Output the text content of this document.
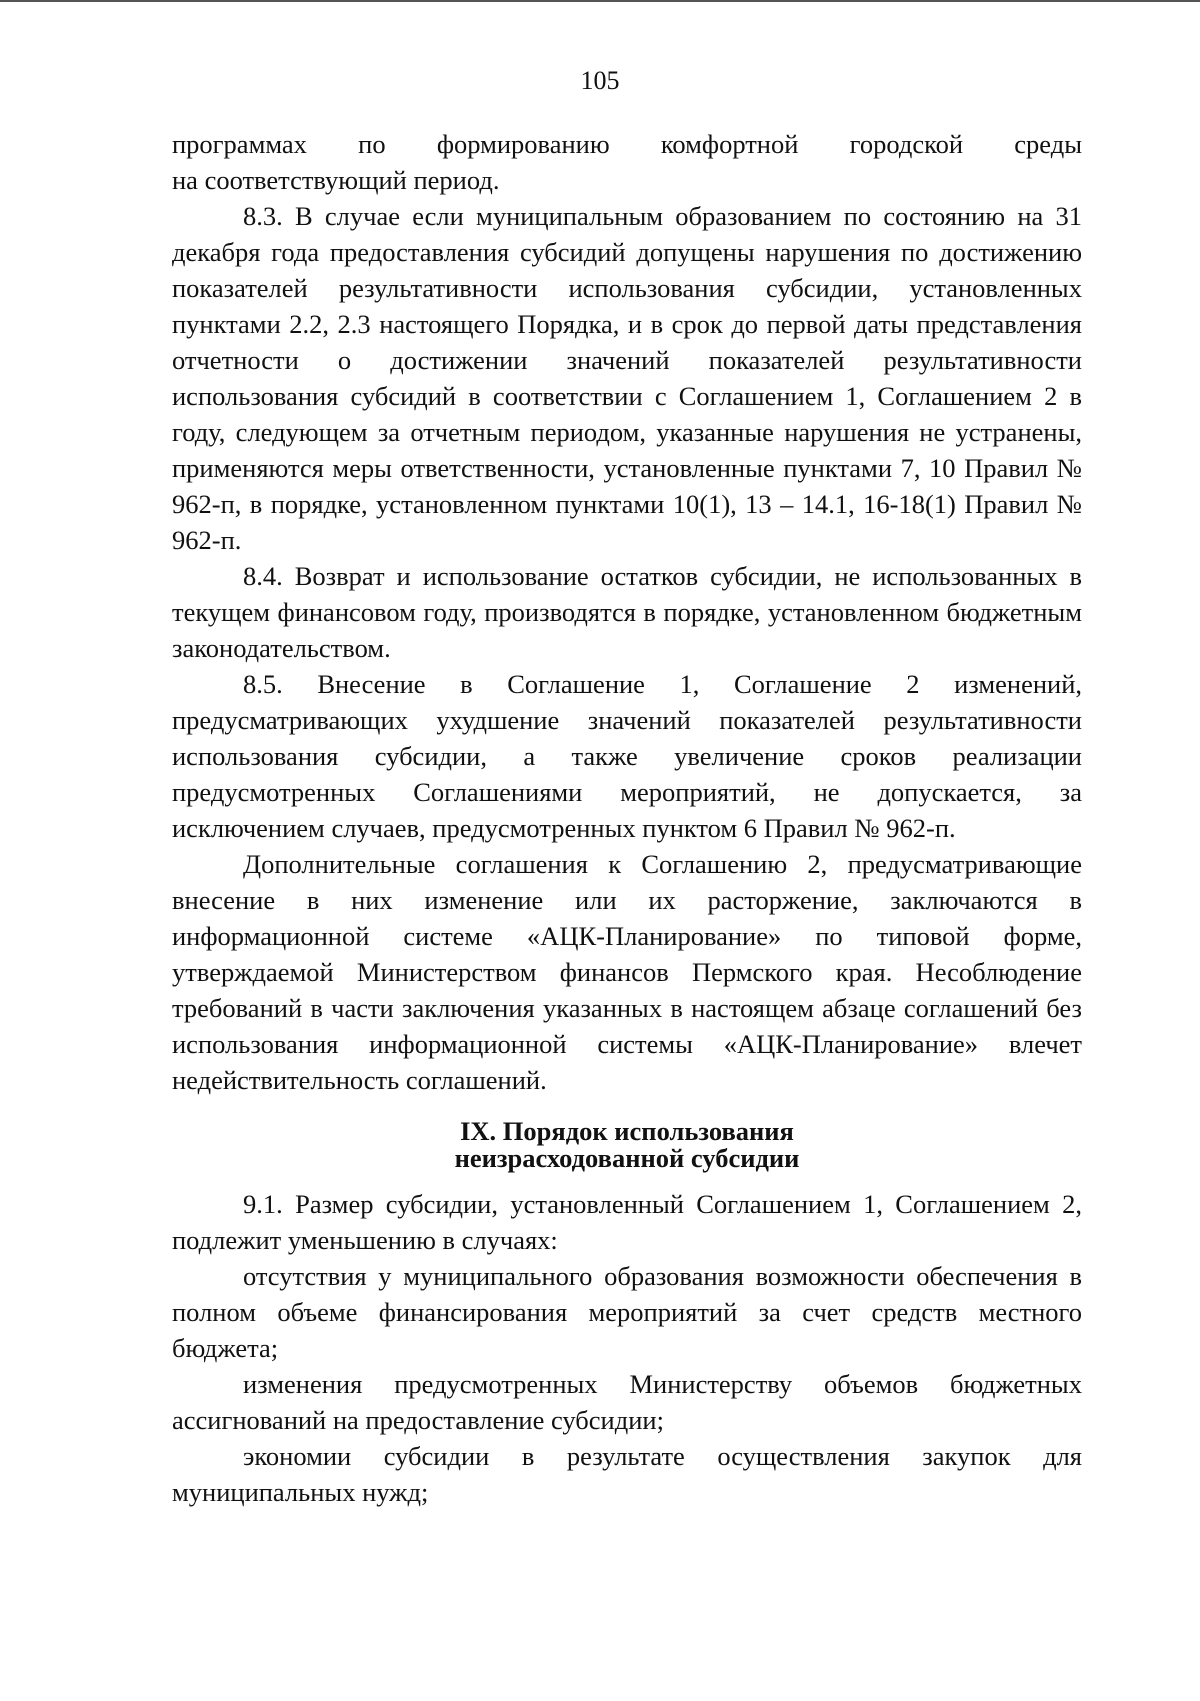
105

программах по формированию комфортной городской среды

на соответствующий период.

8.3. В случае если муниципальным образованием по состоянию на 31 декабря года предоставления субсидий допущены нарушения по достижению показателей результативности использования субсидии, установленных пунктами 2.2, 2.3 настоящего Порядка, и в срок до первой даты представления отчетности о достижении значений показателей результативности использования субсидий в соответствии с Соглашением 1, Соглашением 2 в году, следующем за отчетным периодом, указанные нарушения не устранены, применяются меры ответственности, установленные пунктами 7, 10 Правил № 962-п, в порядке, установленном пунктами 10(1), 13 – 14.1, 16-18(1) Правил № 962-п.

8.4. Возврат и использование остатков субсидии, не использованных в текущем финансовом году, производятся в порядке, установленном бюджетным законодательством.

8.5. Внесение в Соглашение 1, Соглашение 2 изменений, предусматривающих ухудшение значений показателей результативности использования субсидии, а также увеличение сроков реализации предусмотренных Соглашениями мероприятий, не допускается, за исключением случаев, предусмотренных пунктом 6 Правил № 962-п.

Дополнительные соглашения к Соглашению 2, предусматривающие внесение в них изменение или их расторжение, заключаются в информационной системе «АЦК-Планирование» по типовой форме, утверждаемой Министерством финансов Пермского края. Несоблюдение требований в части заключения указанных в настоящем абзаце соглашений без использования информационной системы «АЦК-Планирование» влечет недействительность соглашений.

IX. Порядок использования
неизрасходованной субсидии

9.1. Размер субсидии, установленный Соглашением 1, Соглашением 2, подлежит уменьшению в случаях:

отсутствия у муниципального образования возможности обеспечения в полном объеме финансирования мероприятий за счет средств местного бюджета;

изменения предусмотренных Министерству объемов бюджетных ассигнований на предоставление субсидии;

экономии субсидии в результате осуществления закупок для муниципальных нужд;
